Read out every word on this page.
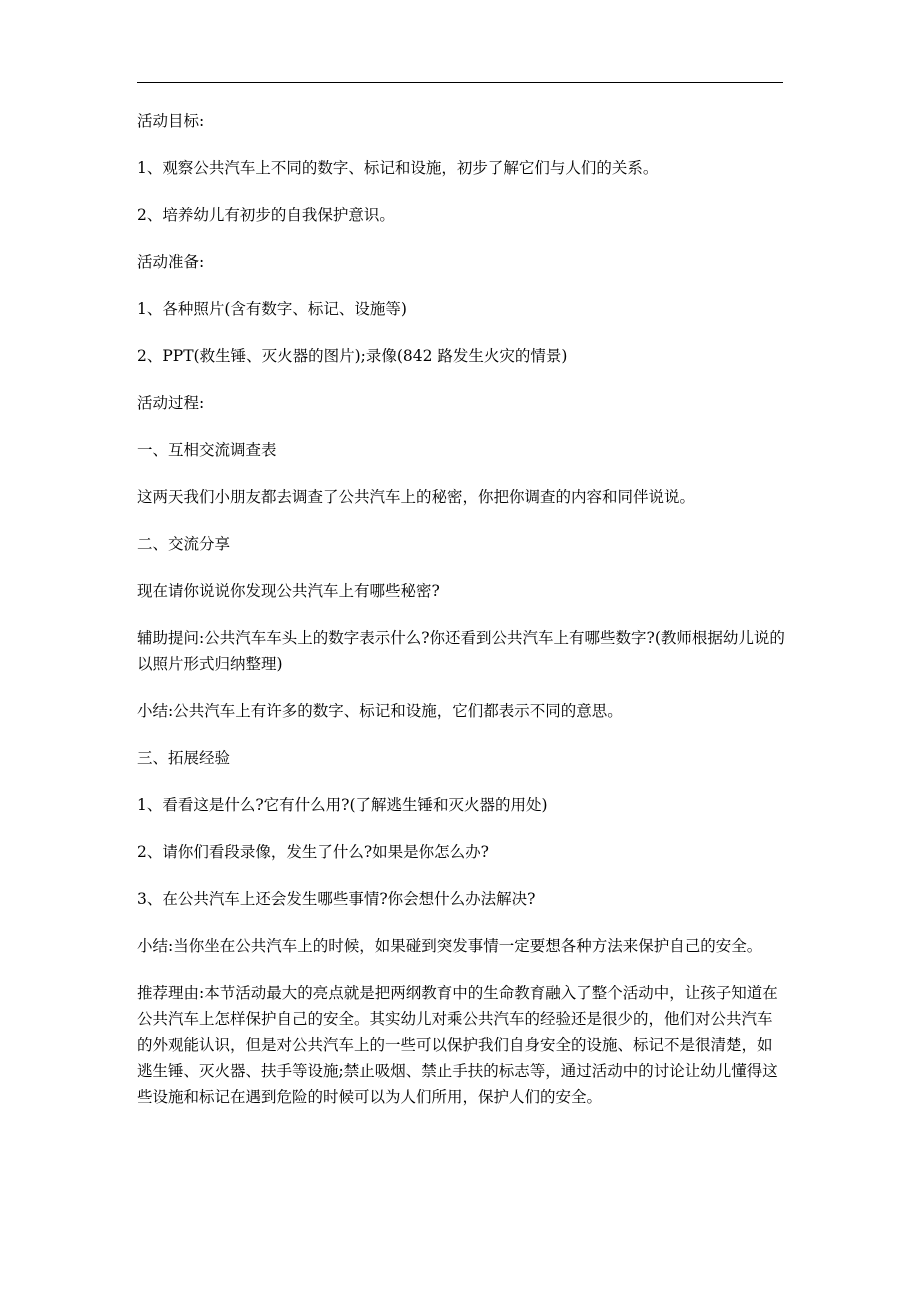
活动目标:

1、观察公共汽车上不同的数字、标记和设施，初步了解它们与人们的关系。

2、培养幼儿有初步的自我保护意识。

活动准备:

1、各种照片(含有数字、标记、设施等)

2、PPT(救生锤、灭火器的图片);录像(842 路发生火灾的情景)

活动过程:

一、互相交流调查表

这两天我们小朋友都去调查了公共汽车上的秘密，你把你调查的内容和同伴说说。

二、交流分享

现在请你说说你发现公共汽车上有哪些秘密?

辅助提问:公共汽车车头上的数字表示什么?你还看到公共汽车上有哪些数字?(教师根据幼儿说的以照片形式归纳整理)

小结:公共汽车上有许多的数字、标记和设施，它们都表示不同的意思。

三、拓展经验

1、看看这是什么?它有什么用?(了解逃生锤和灭火器的用处)

2、请你们看段录像，发生了什么?如果是你怎么办?

3、在公共汽车上还会发生哪些事情?你会想什么办法解决?

小结:当你坐在公共汽车上的时候，如果碰到突发事情一定要想各种方法来保护自己的安全。

推荐理由:本节活动最大的亮点就是把两纲教育中的生命教育融入了整个活动中，让孩子知道在公共汽车上怎样保护自己的安全。其实幼儿对乘公共汽车的经验还是很少的，他们对公共汽车的外观能认识，但是对公共汽车上的一些可以保护我们自身安全的设施、标记不是很清楚，如逃生锤、灭火器、扶手等设施;禁止吸烟、禁止手扶的标志等，通过活动中的讨论让幼儿懂得这些设施和标记在遇到危险的时候可以为人们所用，保护人们的安全。
